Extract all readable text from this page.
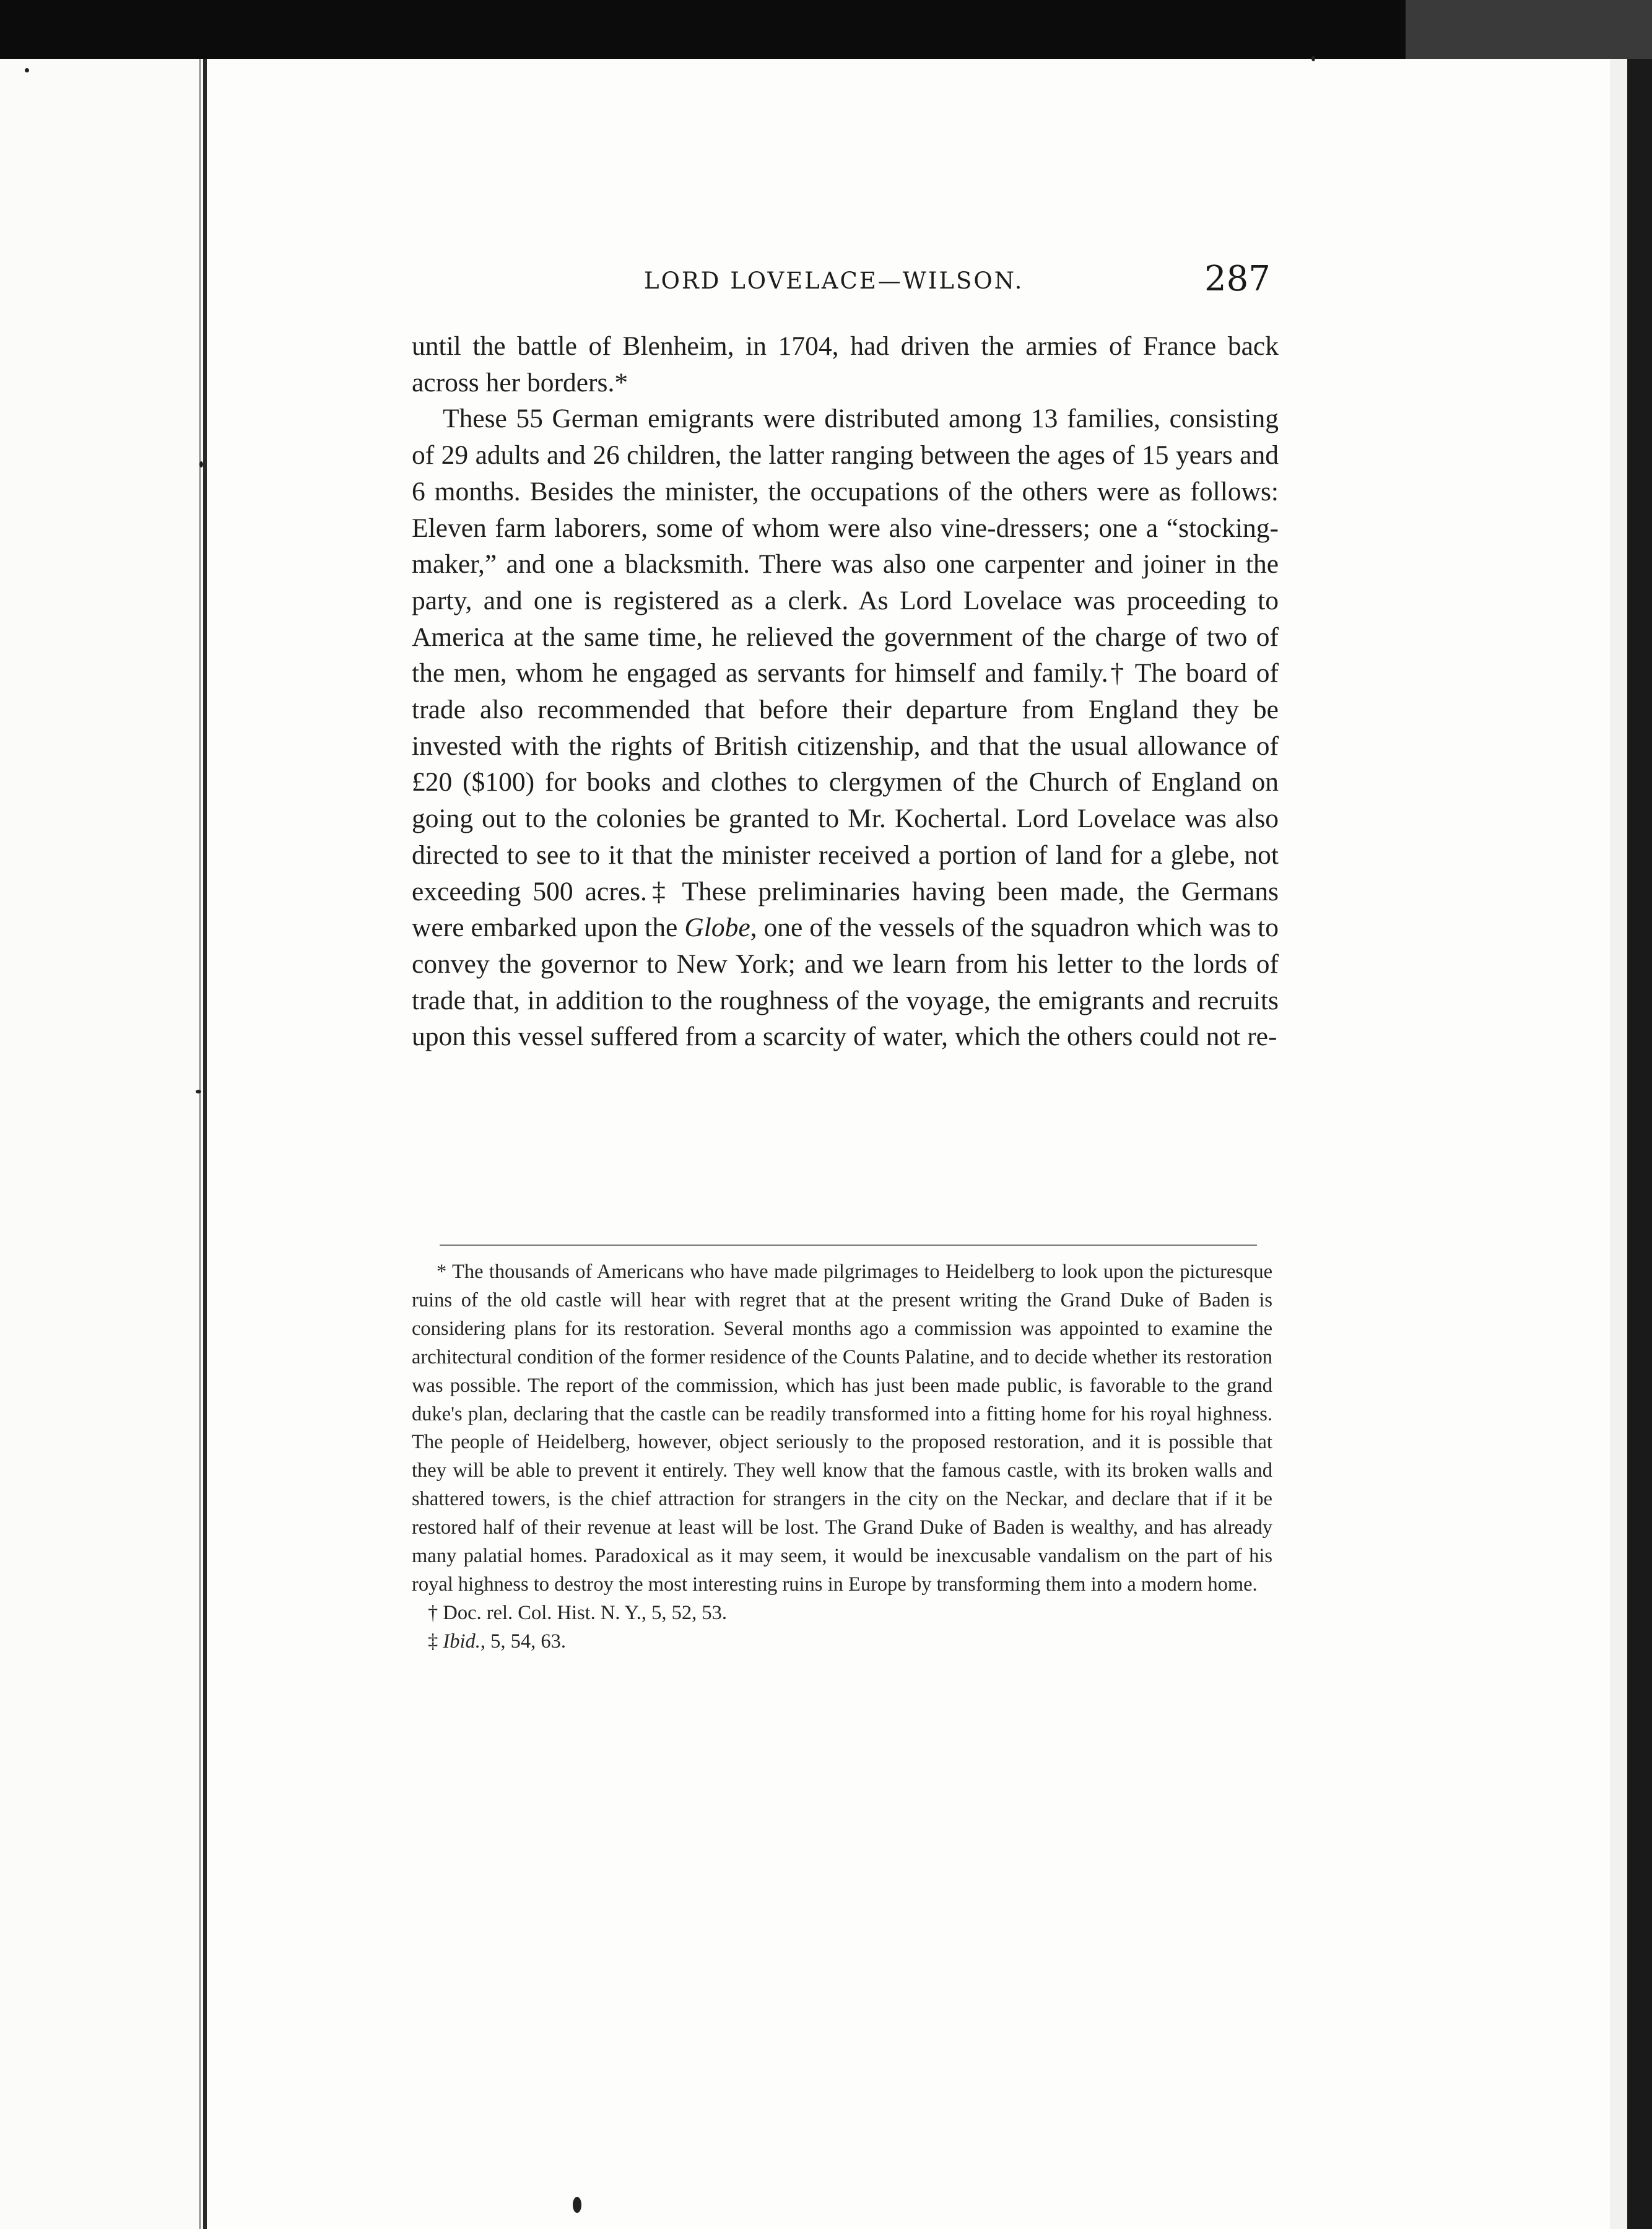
LORD LOVELACE—WILSON.	287

until the battle of Blenheim, in 1704, had driven the armies of France back across her borders.*

These 55 German emigrants were distributed among 13 families, consisting of 29 adults and 26 children, the latter ranging between the ages of 15 years and 6 months. Besides the minister, the occupations of the others were as follows: Eleven farm laborers, some of whom were also vine-dressers; one a “stocking-maker,” and one a blacksmith. There was also one carpenter and joiner in the party, and one is registered as a clerk. As Lord Lovelace was proceeding to America at the same time, he relieved the government of the charge of two of the men, whom he engaged as servants for himself and family.† The board of trade also recommended that before their departure from England they be invested with the rights of British citizenship, and that the usual allowance of £20 ($100) for books and clothes to clergymen of the Church of England on going out to the colonies be granted to Mr. Kochertal. Lord Lovelace was also directed to see to it that the minister received a portion of land for a glebe, not exceeding 500 acres.‡ These preliminaries having been made, the Germans were embarked upon the Globe, one of the vessels of the squadron which was to convey the governor to New York; and we learn from his letter to the lords of trade that, in addition to the roughness of the voyage, the emigrants and recruits upon this vessel suffered from a scarcity of water, which the others could not re-

* The thousands of Americans who have made pilgrimages to Heidelberg to look upon the picturesque ruins of the old castle will hear with regret that at the present writing the Grand Duke of Baden is considering plans for its restoration. Several months ago a commission was appointed to examine the architectural condition of the former residence of the Counts Palatine, and to decide whether its restoration was possible. The report of the commission, which has just been made public, is favorable to the grand duke's plan, declaring that the castle can be readily transformed into a fitting home for his royal highness. The people of Heidelberg, however, object seriously to the proposed restoration, and it is possible that they will be able to prevent it entirely. They well know that the famous castle, with its broken walls and shattered towers, is the chief attraction for strangers in the city on the Neckar, and declare that if it be restored half of their revenue at least will be lost. The Grand Duke of Baden is wealthy, and has already many palatial homes. Paradoxical as it may seem, it would be inexcusable vandalism on the part of his royal highness to destroy the most interesting ruins in Europe by transforming them into a modern home.

† Doc. rel. Col. Hist. N. Y., 5, 52, 53.

‡ Ibid., 5, 54, 63.
